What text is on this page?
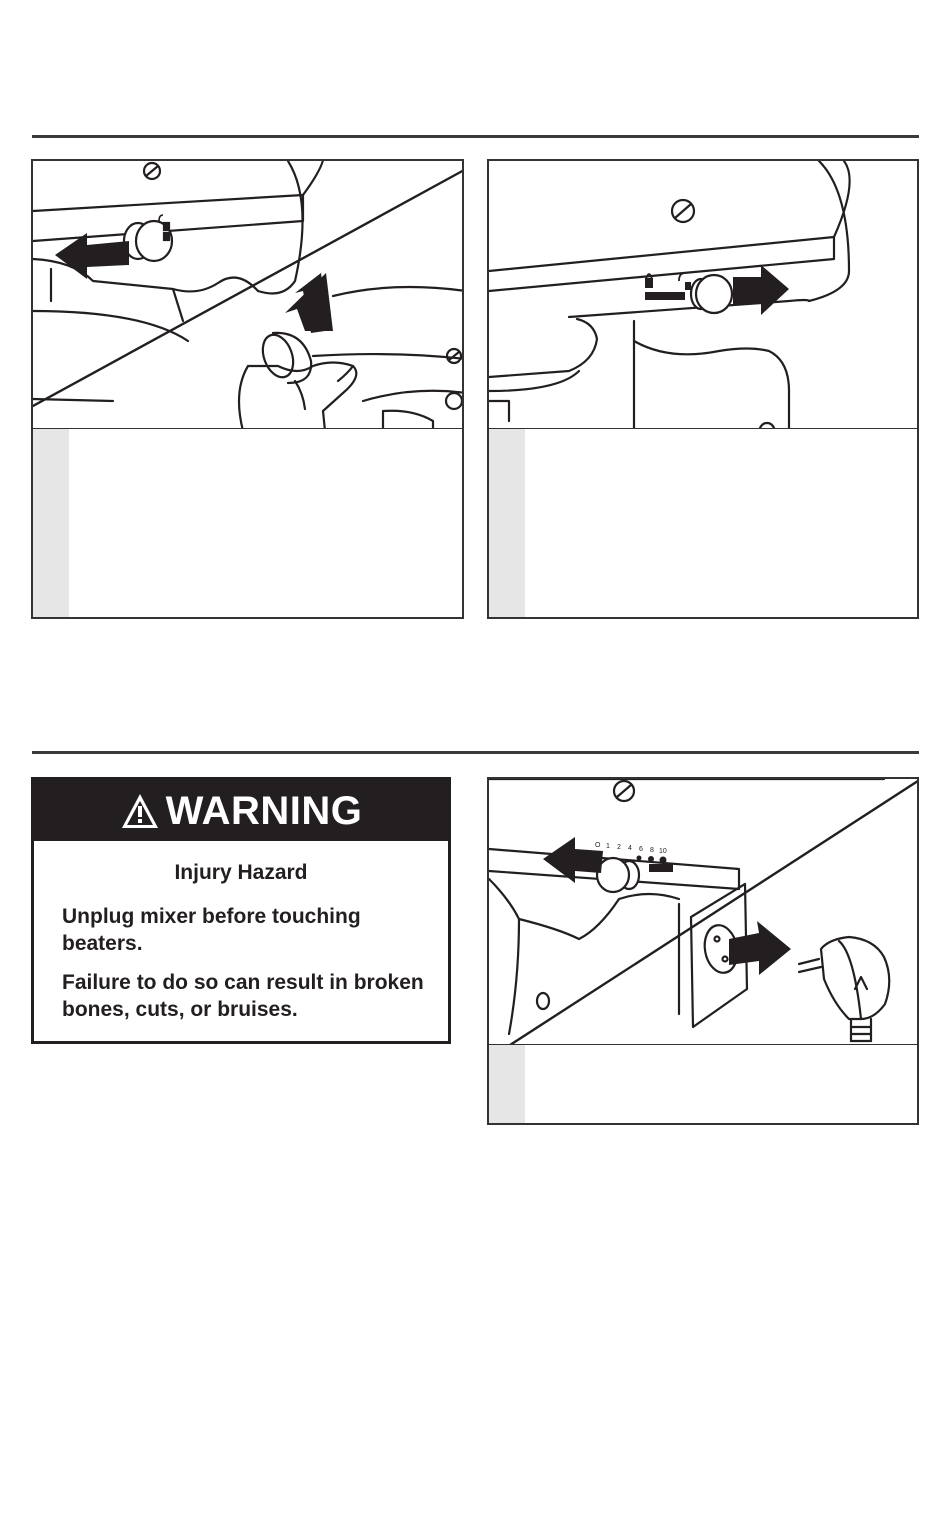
WARNING
Injury Hazard
Unplug mixer before touching beaters.
Failure to do so can result in broken bones, cuts, or bruises.
O 1 2 4 6 8 10
